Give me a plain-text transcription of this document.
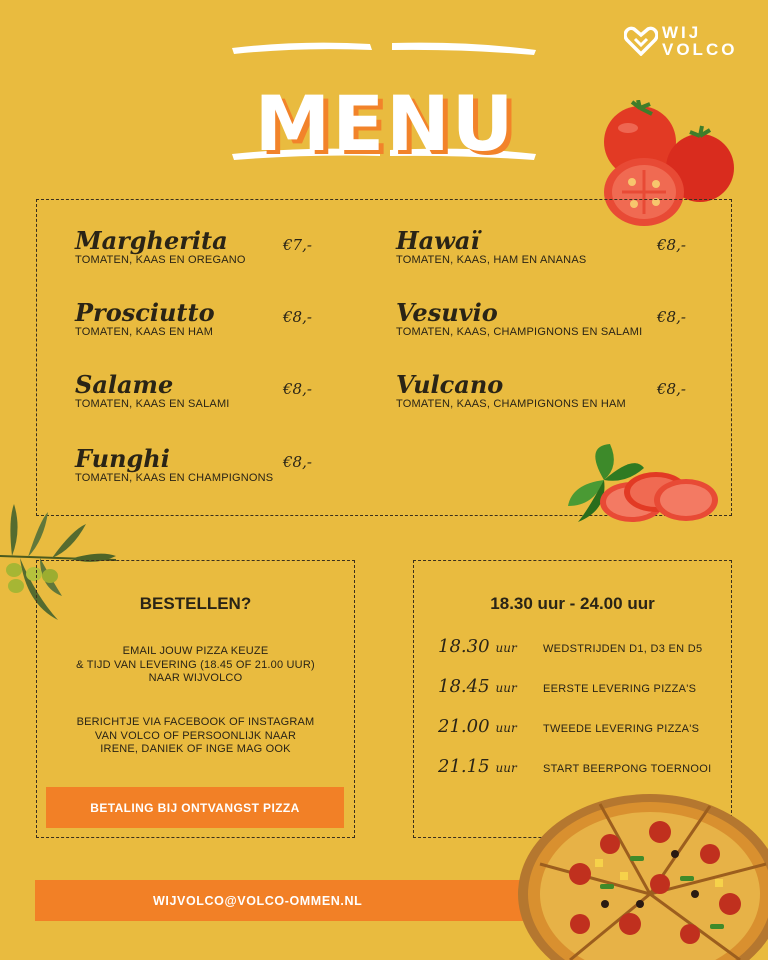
WIJ
VOLCO
MENU
Margherita
TOMATEN, KAAS EN OREGANO
€7,-
Prosciutto
TOMATEN, KAAS EN HAM
€8,-
Salame
TOMATEN, KAAS EN SALAMI
€8,-
Funghi
TOMATEN, KAAS EN CHAMPIGNONS
€8,-
Hawaï
TOMATEN, KAAS, HAM EN ANANAS
€8,-
Vesuvio
TOMATEN, KAAS, CHAMPIGNONS EN SALAMI
€8,-
Vulcano
TOMATEN, KAAS, CHAMPIGNONS EN HAM
€8,-
BESTELLEN?
EMAIL JOUW PIZZA KEUZE
& TIJD VAN LEVERING (18.45 OF 21.00 UUR)
NAAR WIJVOLCO
BERICHTJE VIA FACEBOOK OF INSTAGRAM
VAN VOLCO OF PERSOONLIJK NAAR
IRENE, DANIEK OF INGE MAG OOK
BETALING BIJ ONTVANGST PIZZA
18.30 uur - 24.00 uur
18.30 uur WEDSTRIJDEN D1, D3 EN D5
18.45 uur EERSTE LEVERING PIZZA'S
21.00 uur TWEEDE LEVERING PIZZA'S
21.15 uur START BEERPONG TOERNOOI
WIJVOLCO@VOLCO-OMMEN.NL
